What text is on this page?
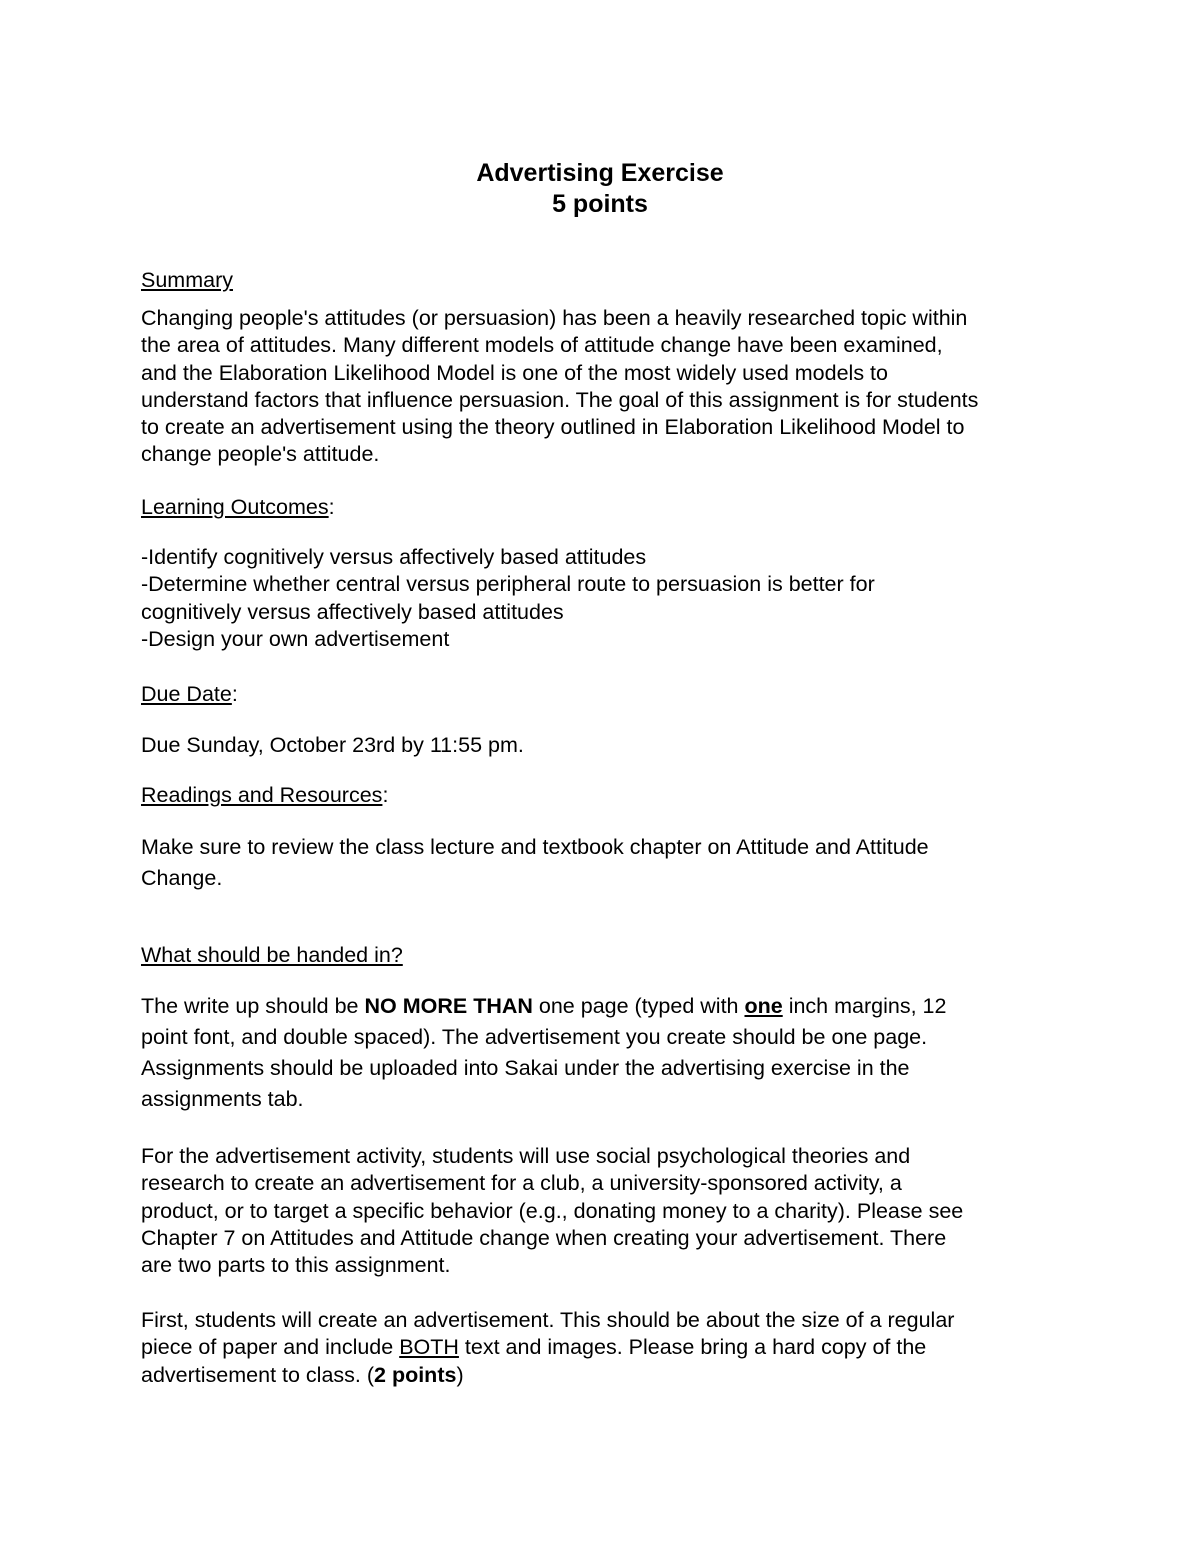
Advertising Exercise
5 points
Summary
Changing people's attitudes (or persuasion) has been a heavily researched topic within
the area of attitudes. Many different models of attitude change have been examined,
and the Elaboration Likelihood Model is one of the most widely used models to
understand factors that influence persuasion. The goal of this assignment is for students
to create an advertisement using the theory outlined in Elaboration Likelihood Model to
change people's attitude.
Learning Outcomes:
-Identify cognitively versus affectively based attitudes
-Determine whether central versus peripheral route to persuasion is better for
cognitively versus affectively based attitudes
-Design your own advertisement
Due Date:
Due Sunday, October 23rd by 11:55 pm.
Readings and Resources:
Make sure to review the class lecture and textbook chapter on Attitude and Attitude
Change.
What should be handed in?
The write up should be NO MORE THAN one page (typed with one inch margins, 12
point font, and double spaced). The advertisement you create should be one page.
Assignments should be uploaded into Sakai under the advertising exercise in the
assignments tab.
For the advertisement activity, students will use social psychological theories and
research to create an advertisement for a club, a university-sponsored activity, a
product, or to target a specific behavior (e.g., donating money to a charity). Please see
Chapter 7 on Attitudes and Attitude change when creating your advertisement. There
are two parts to this assignment.
First, students will create an advertisement. This should be about the size of a regular
piece of paper and include BOTH text and images. Please bring a hard copy of the
advertisement to class. (2 points)
